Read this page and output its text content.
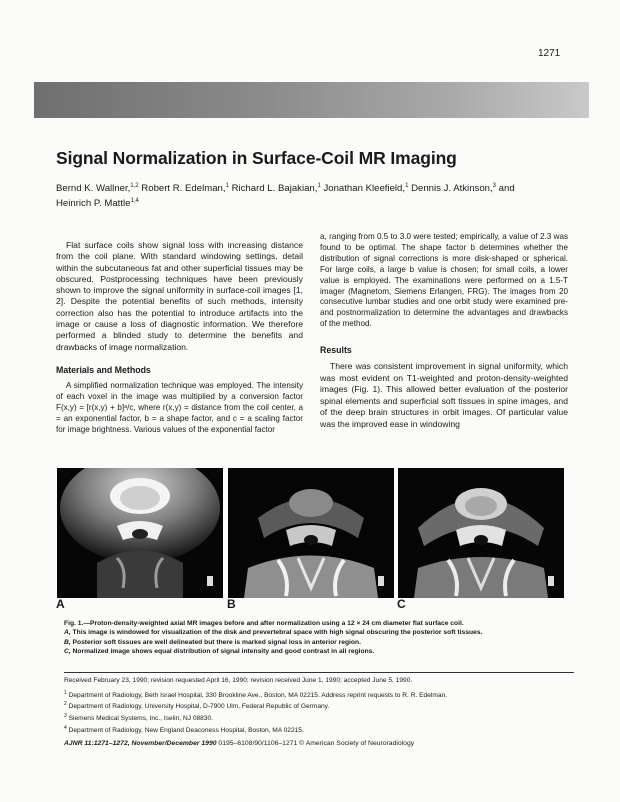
1271
Signal Normalization in Surface-Coil MR Imaging
Bernd K. Wallner,$^{1,2}$ Robert R. Edelman,$^1$ Richard L. Bajakian,$^1$ Jonathan Kleefield,$^1$ Dennis J. Atkinson,$^3$ and
Heinrich P. Mattle$^{1,4}$

Flat surface coils show signal loss with increasing distance from the coil plane. With standard windowing settings, detail within the subcutaneous fat and other superficial tissues may be obscured. Postprocessing techniques have been previously shown to improve the signal uniformity in surface-coil images [1, 2]. Despite the potential benefits of such methods, intensity correction also has the potential to introduce artifacts into the image or cause a loss of diagnostic information. We therefore performed a blinded study to determine the benefits and drawbacks of image normalization.

Materials and Methods

A simplified normalization technique was employed. The intensity of each voxel in the image was multiplied by a conversion factor F(x,y) = [r(x,y) + b]ᵃ/c, where r(x,y) = distance from the coil center, a = an exponential factor, b = a shape factor, and c = a scaling factor for image brightness. Various values of the exponential factor

a, ranging from 0.5 to 3.0 were tested; empirically, a value of 2.3 was found to be optimal. The shape factor b determines whether the distribution of signal corrections is more disk-shaped or spherical. For large coils, a large b value is chosen; for small coils, a lower value is employed. The examinations were performed on a 1.5-T imager (Magnetom, Siemens Erlangen, FRG). The images from 20 consecutive lumbar studies and one orbit study were examined pre- and postnormalization to determine the advantages and drawbacks of the method.

Results

There was consistent improvement in signal uniformity, which was most evident on T1-weighted and proton-density-weighted images (Fig. 1). This allowed better evaluation of the posterior spinal elements and superficial soft tissues in spine images, and of the deep brain structures in orbit images. Of particular value was the improved ease in windowing

A	B	C
Fig. 1.—Proton-density-weighted axial MR images before and after normalization using a 12 × 24 cm diameter flat surface coil.
A, This image is windowed for visualization of the disk and prevertebral space with high signal obscuring the posterior soft tissues.
B, Posterior soft tissues are well delineated but there is marked signal loss in anterior region.
C, Normalized image shows equal distribution of signal intensity and good contrast in all regions.
Received February 23, 1990; revision requested April 16, 1990; revision received June 1, 1990; accepted June 5, 1990.
$^1$ Department of Radiology, Beth Israel Hospital, 330 Brookline Ave., Boston, MA 02215. Address reprint requests to R. R. Edelman.
$^2$ Department of Radiology, University Hospital, D-7900 Ulm, Federal Republic of Germany.
$^3$ Siemens Medical Systems, Inc., Iselin, NJ 08830.
$^4$ Department of Radiology, New England Deaconess Hospital, Boston, MA 02215.
AJNR 11:1271–1272, November/December 1990 0195–6108/90/1106–1271 © American Society of Neuroradiology
